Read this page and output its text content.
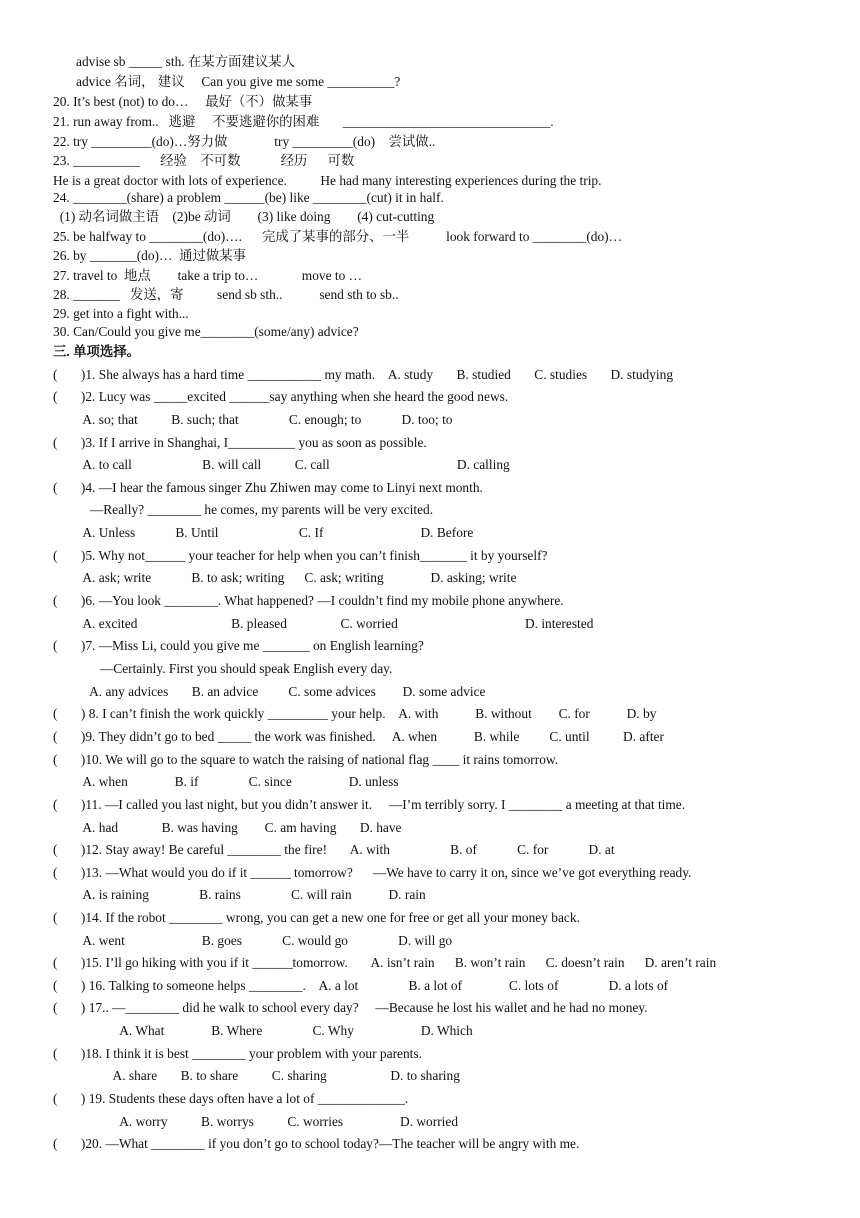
advise sb _____ sth. 在某方面建议某人
advice 名词， 建议     Can you give me some __________?
20. It’s best (not) to do…     最好（不）做某事
21. run away from..   逃避     不要逃避你的困难       _______________________________.
22. try _________(do)…努力做              try _________(do)    尝试做..
23. __________      经验    不可数            经历      可数
He is a great doctor with lots of experience.          He had many interesting experiences during the trip.
24. ________(share) a problem ______(be) like ________(cut) it in half.
(1) 动名词做主语    (2)be 动词        (3) like doing        (4) cut-cutting
25. be halfway to ________(do)….      完成了某事的部分、一半           look forward to ________(do)…
26. by _______(do)…  通过做某事
27. travel to  地点        take a trip to…             move to …
28. _______   发送，寄          send sb sth..           send sth to sb..
29. get into a fight with...
30. Can/Could you give me________(some/any) advice?
三. 单项选择。
(       )1. She always has a hard time ___________ my math.    A. study       B. studied       C. studies       D. studying
(       )2. Lucy was _____excited ______say anything when she heard the good news.
A. so; that          B. such; that               C. enough; to            D. too; to
(       )3. If I arrive in Shanghai, I__________ you as soon as possible.
A. to call                     B. will call          C. call                                      D. calling
(       )4. —I hear the famous singer Zhu Zhiwen may come to Linyi next month.
—Really? ________ he comes, my parents will be very excited.
A. Unless            B. Until                        C. If                             D. Before
(       )5. Why not______ your teacher for help when you can’t finish_______ it by yourself?
A. ask; write            B. to ask; writing      C. ask; writing              D. asking; write
(       )6. —You look ________. What happened? —I couldn’t find my mobile phone anywhere.
A. excited                            B. pleased                C. worried                                      D. interested
(       )7. —Miss Li, could you give me _______ on English learning?
—Certainly. First you should speak English every day.
A. any advices       B. an advice         C. some advices        D. some advice
(       ) 8. I can’t finish the work quickly _________ your help.    A. with           B. without        C. for           D. by
(       )9. They didn’t go to bed _____ the work was finished.     A. when           B. while         C. until          D. after
(       )10. We will go to the square to watch the raising of national flag ____ it rains tomorrow.
A. when              B. if               C. since                 D. unless
(       )11. —I called you last night, but you didn’t answer it.     —I’m terribly sorry. I ________ a meeting at that time.
A. had             B. was having        C. am having       D. have
(       )12. Stay away! Be careful ________ the fire!       A. with                  B. of            C. for            D. at
(       )13. —What would you do if it ______ tomorrow?      —We have to carry it on, since we’ve got everything ready.
A. is raining               B. rains               C. will rain           D. rain
(       )14. If the robot ________ wrong, you can get a new one for free or get all your money back.
A. went                       B. goes            C. would go               D. will go
(       )15. I’ll go hiking with you if it ______tomorrow.       A. isn’t rain      B. won’t rain      C. doesn’t rain      D. aren’t rain
(       ) 16. Talking to someone helps ________.    A. a lot               B. a lot of              C. lots of               D. a lots of
(       ) 17.. —________ did he walk to school every day?     —Because he lost his wallet and he had no money.
A. What              B. Where               C. Why                    D. Which
(       )18. I think it is best ________ your problem with your parents.
A. share       B. to share          C. sharing                   D. to sharing
(       ) 19. Students these days often have a lot of _____________.
A. worry          B. worrys          C. worries                 D. worried
(       )20. —What ________ if you don’t go to school today?—The teacher will be angry with me.
